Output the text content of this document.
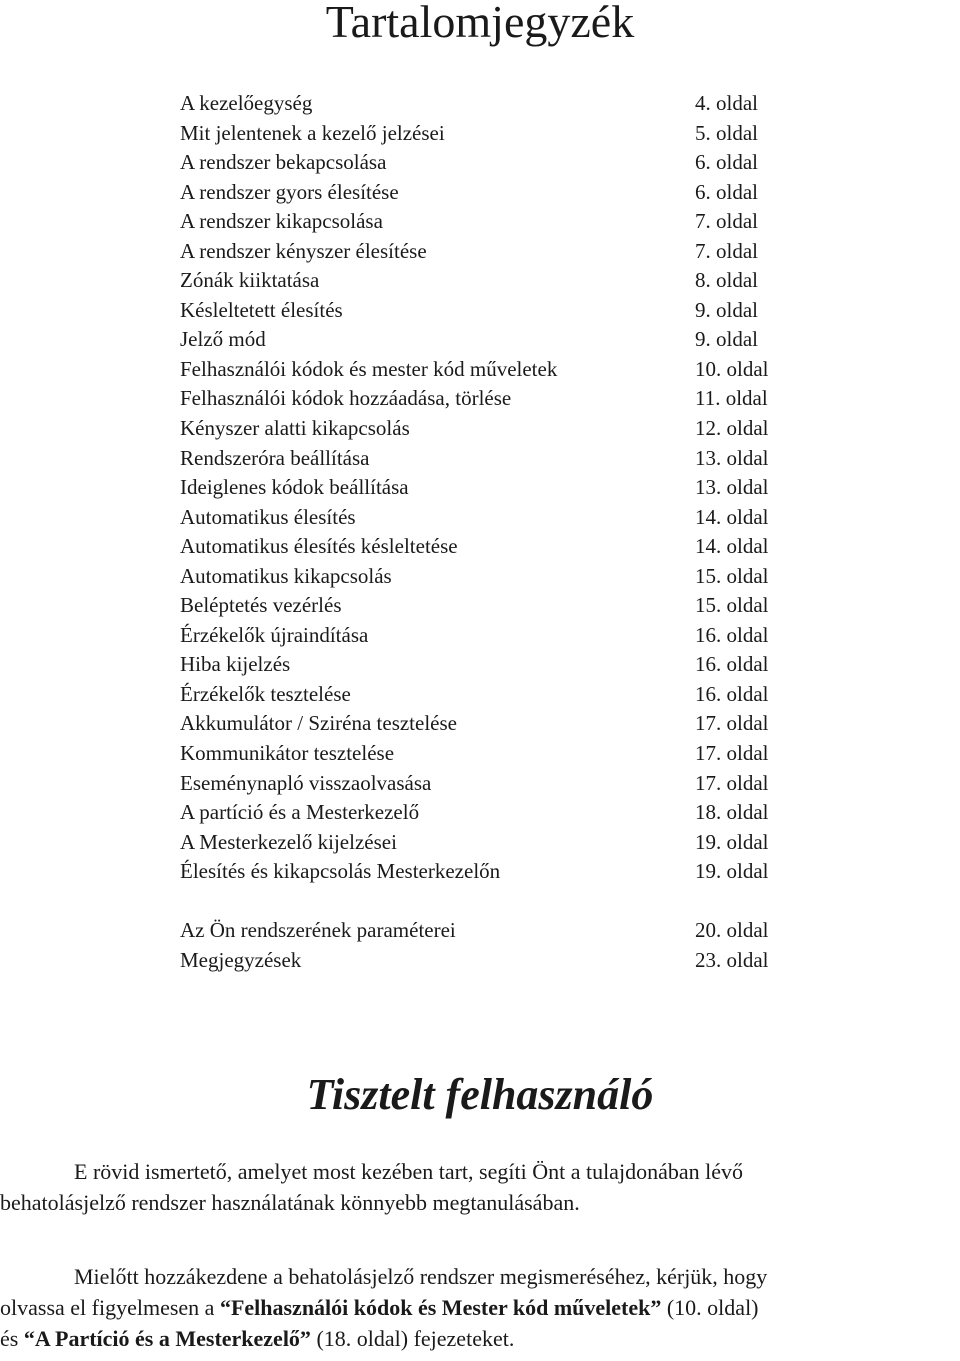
Tartalomjegyzék
A kezelőegység	4. oldal
Mit jelentenek a kezelő jelzései	5. oldal
A rendszer bekapcsolása	6. oldal
A rendszer gyors élesítése	6. oldal
A rendszer kikapcsolása	7. oldal
A rendszer kényszer élesítése	7. oldal
Zónák kiiktatása	8. oldal
Késleltetett élesítés	9. oldal
Jelző mód	9. oldal
Felhasználói kódok és mester kód műveletek	10. oldal
Felhasználói kódok hozzáadása, törlése	11. oldal
Kényszer alatti kikapcsolás	12. oldal
Rendszeróra beállítása	13. oldal
Ideiglenes kódok beállítása	13. oldal
Automatikus élesítés	14. oldal
Automatikus élesítés késleltetése	14. oldal
Automatikus kikapcsolás	15. oldal
Beléptetés vezérlés	15. oldal
Érzékelők újraindítása	16. oldal
Hiba kijelzés	16. oldal
Érzékelők tesztelése	16. oldal
Akkumulátor / Sziréna tesztelése	17. oldal
Kommunikátor tesztelése	17. oldal
Eseménynapló visszaolvasása	17. oldal
A partíció és a Mesterkezelő	18. oldal
A Mesterkezelő kijelzései	19. oldal
Élesítés és kikapcsolás Mesterkezelőn	19. oldal
Az Ön rendszerének paraméterei	20. oldal
Megjegyzések	23. oldal
Tisztelt felhasználó

E rövid ismertető, amelyet most kezében tart, segíti Önt a tulajdonában lévő
behatolásjelző rendszer használatának könnyebb megtanulásában.

Mielőtt hozzákezdene a behatolásjelző rendszer megismeréséhez, kérjük, hogy
olvassa el figyelmesen a “Felhasználói kódok és Mester kód műveletek” (10. oldal)
és “A Partíció és a Mesterkezelő” (18. oldal) fejezeteket.
